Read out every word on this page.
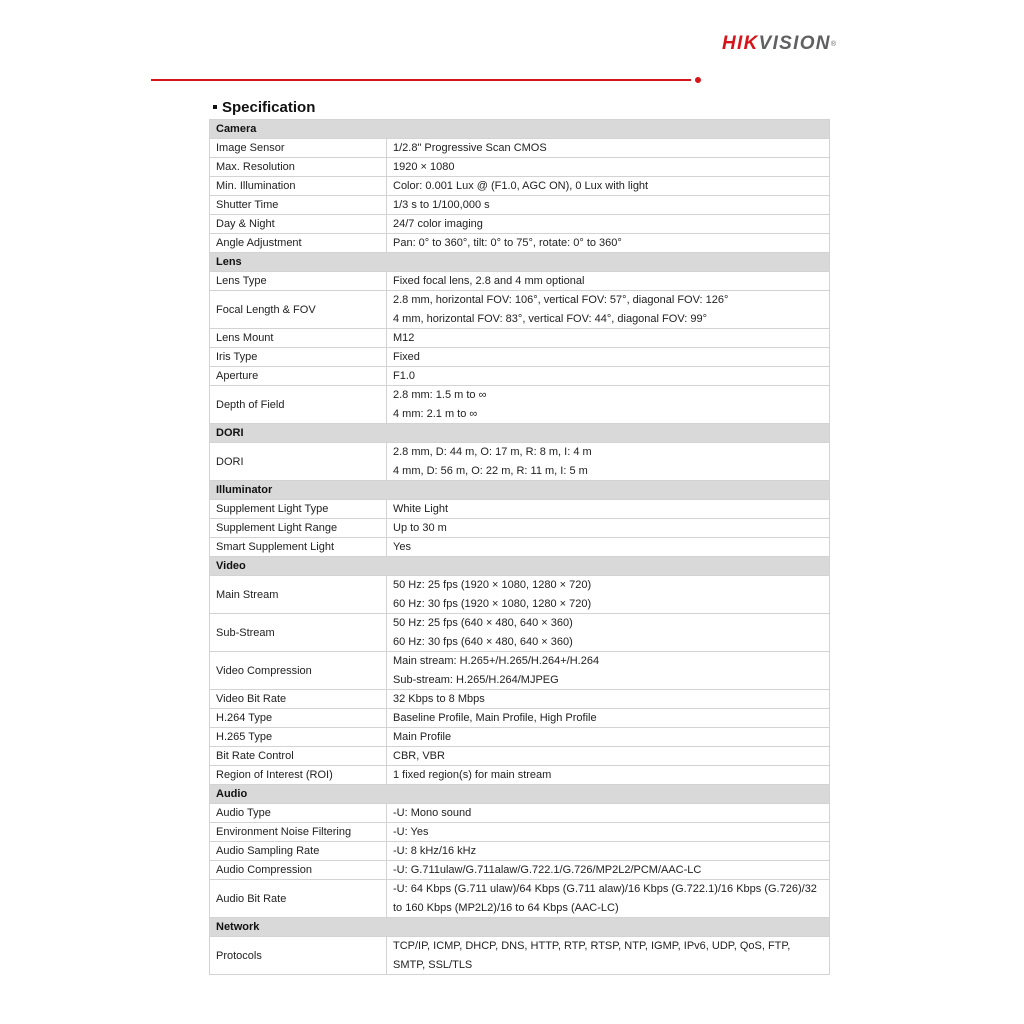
HIKVISION®
Specification
Camera	
Image Sensor	1/2.8" Progressive Scan CMOS
Max. Resolution	1920 × 1080
Min. Illumination	Color: 0.001 Lux @ (F1.0, AGC ON), 0 Lux with light
Shutter Time	1/3 s to 1/100,000 s
Day & Night	24/7 color imaging
Angle Adjustment	Pan: 0° to 360°, tilt: 0° to 75°, rotate: 0° to 360°
Lens	
Lens Type	Fixed focal lens, 2.8 and 4 mm optional
Focal Length & FOV	2.8 mm, horizontal FOV: 106°, vertical FOV: 57°, diagonal FOV: 126°
4 mm, horizontal FOV: 83°, vertical FOV: 44°, diagonal FOV: 99°

Lens Mount	M12
Iris Type	Fixed
Aperture	F1.0
Depth of Field	2.8 mm: 1.5 m to ∞
4 mm: 2.1 m to ∞

DORI	
DORI	2.8 mm, D: 44 m, O: 17 m, R: 8 m, I: 4 m
4 mm, D: 56 m, O: 22 m, R: 11 m, I: 5 m

Illuminator	
Supplement Light Type	White Light
Supplement Light Range	Up to 30 m
Smart Supplement Light	Yes
Video	
Main Stream	50 Hz: 25 fps (1920 × 1080, 1280 × 720)
60 Hz: 30 fps (1920 × 1080, 1280 × 720)

Sub-Stream	50 Hz: 25 fps (640 × 480, 640 × 360)
60 Hz: 30 fps (640 × 480, 640 × 360)

Video Compression	Main stream: H.265+/H.265/H.264+/H.264
Sub-stream: H.265/H.264/MJPEG

Video Bit Rate	32 Kbps to 8 Mbps
H.264 Type	Baseline Profile, Main Profile, High Profile
H.265 Type	Main Profile
Bit Rate Control	CBR, VBR
Region of Interest (ROI)	1 fixed region(s) for main stream
Audio	
Audio Type	-U: Mono sound
Environment Noise Filtering	-U: Yes
Audio Sampling Rate	-U: 8 kHz/16 kHz
Audio Compression	-U: G.711ulaw/G.711alaw/G.722.1/G.726/MP2L2/PCM/AAC-LC
Audio Bit Rate	-U: 64 Kbps (G.711 ulaw)/64 Kbps (G.711 alaw)/16 Kbps (G.722.1)/16 Kbps (G.726)/32 to 160 Kbps (MP2L2)/16 to 64 Kbps (AAC-LC)
Network	
Protocols	TCP/IP, ICMP, DHCP, DNS, HTTP, RTP, RTSP, NTP, IGMP, IPv6, UDP, QoS, FTP, SMTP, SSL/TLS
